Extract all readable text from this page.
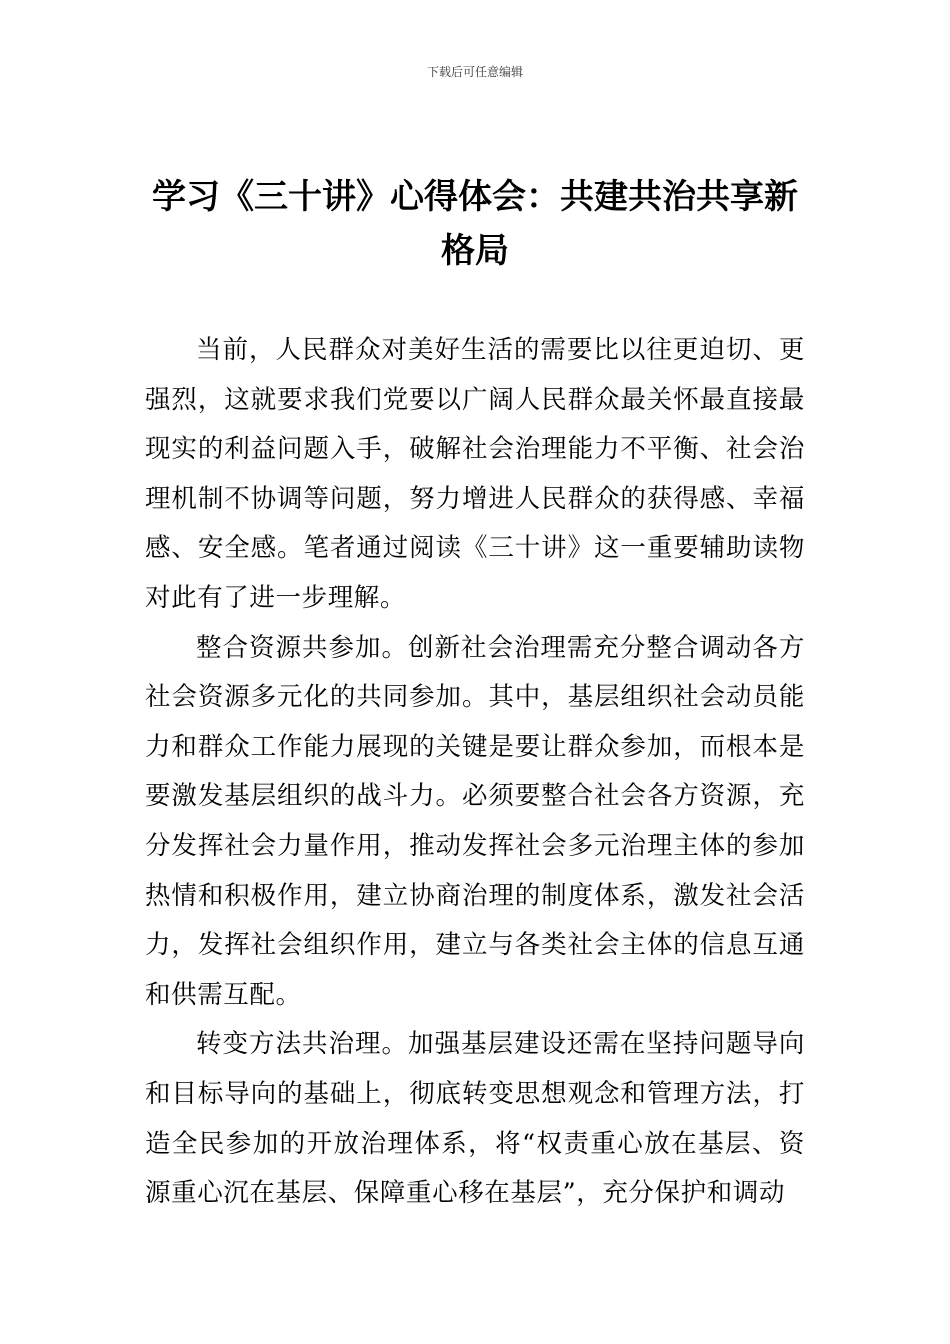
下载后可任意编辑
学习《三十讲》心得体会：共建共治共享新格局

当前，人民群众对美好生活的需要比以往更迫切、更强烈，这就要求我们党要以广阔人民群众最关怀最直接最现实的利益问题入手，破解社会治理能力不平衡、社会治理机制不协调等问题，努力增进人民群众的获得感、幸福感、安全感。笔者通过阅读《三十讲》这一重要辅助读物对此有了进一步理解。

整合资源共参加。创新社会治理需充分整合调动各方社会资源多元化的共同参加。其中，基层组织社会动员能力和群众工作能力展现的关键是要让群众参加，而根本是要激发基层组织的战斗力。必须要整合社会各方资源，充分发挥社会力量作用，推动发挥社会多元治理主体的参加热情和积极作用，建立协商治理的制度体系，激发社会活力，发挥社会组织作用，建立与各类社会主体的信息互通和供需互配。

转变方法共治理。加强基层建设还需在坚持问题导向和目标导向的基础上，彻底转变思想观念和管理方法，打造全民参加的开放治理体系，将“权责重心放在基层、资源重心沉在基层、保障重心移在基层”，充分保护和调动
